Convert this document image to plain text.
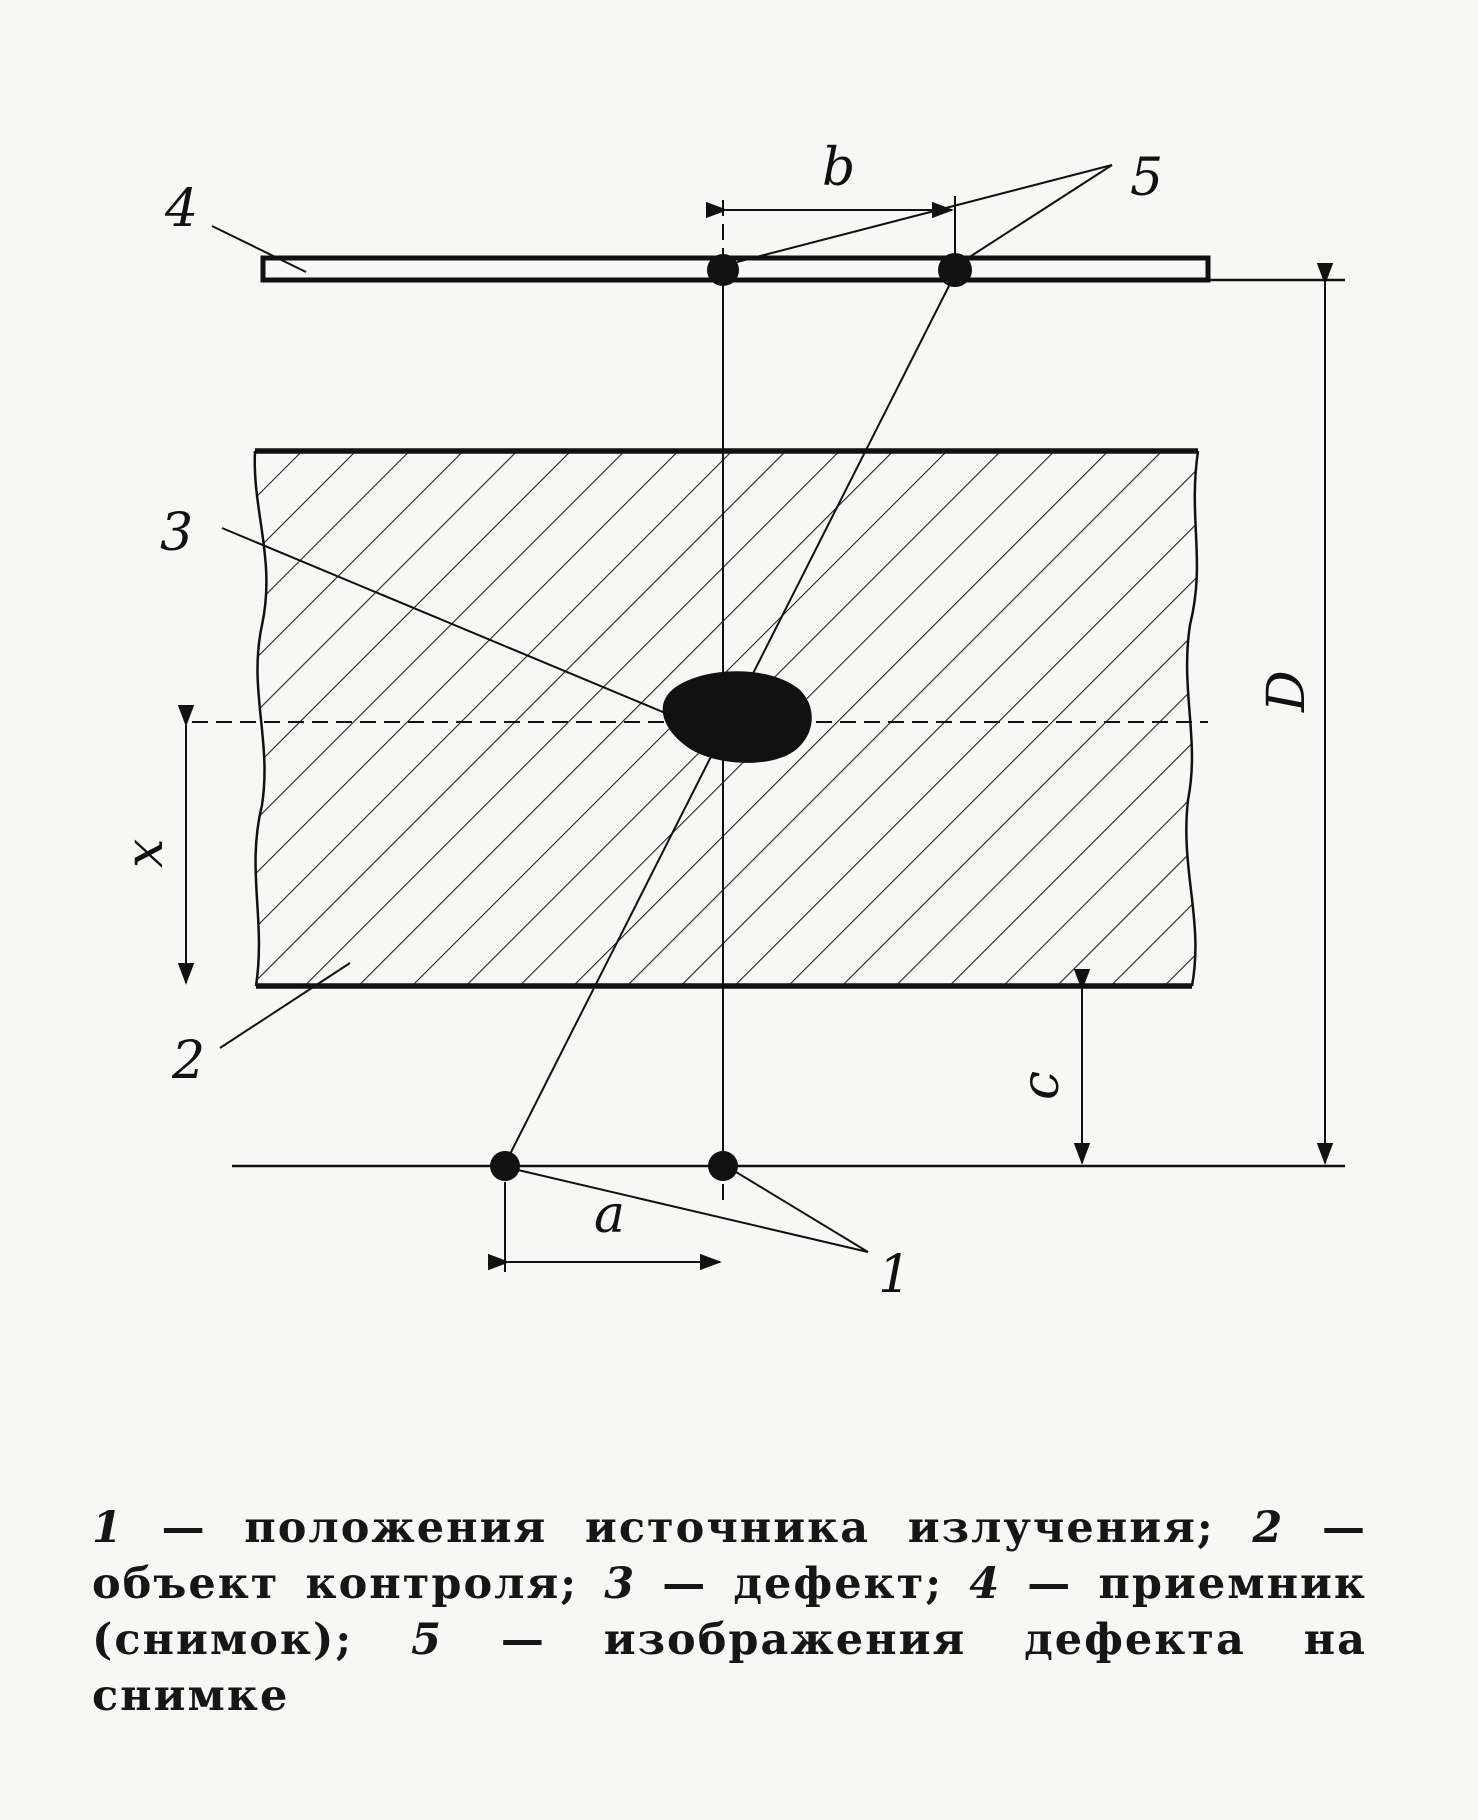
4
5
b
3
D
x
2	c
a
1
1 — положения источника излучения; 2 — объект контроля; 3 — дефект; 4 — приемник (снимок); 5 — изображения дефекта на снимке
